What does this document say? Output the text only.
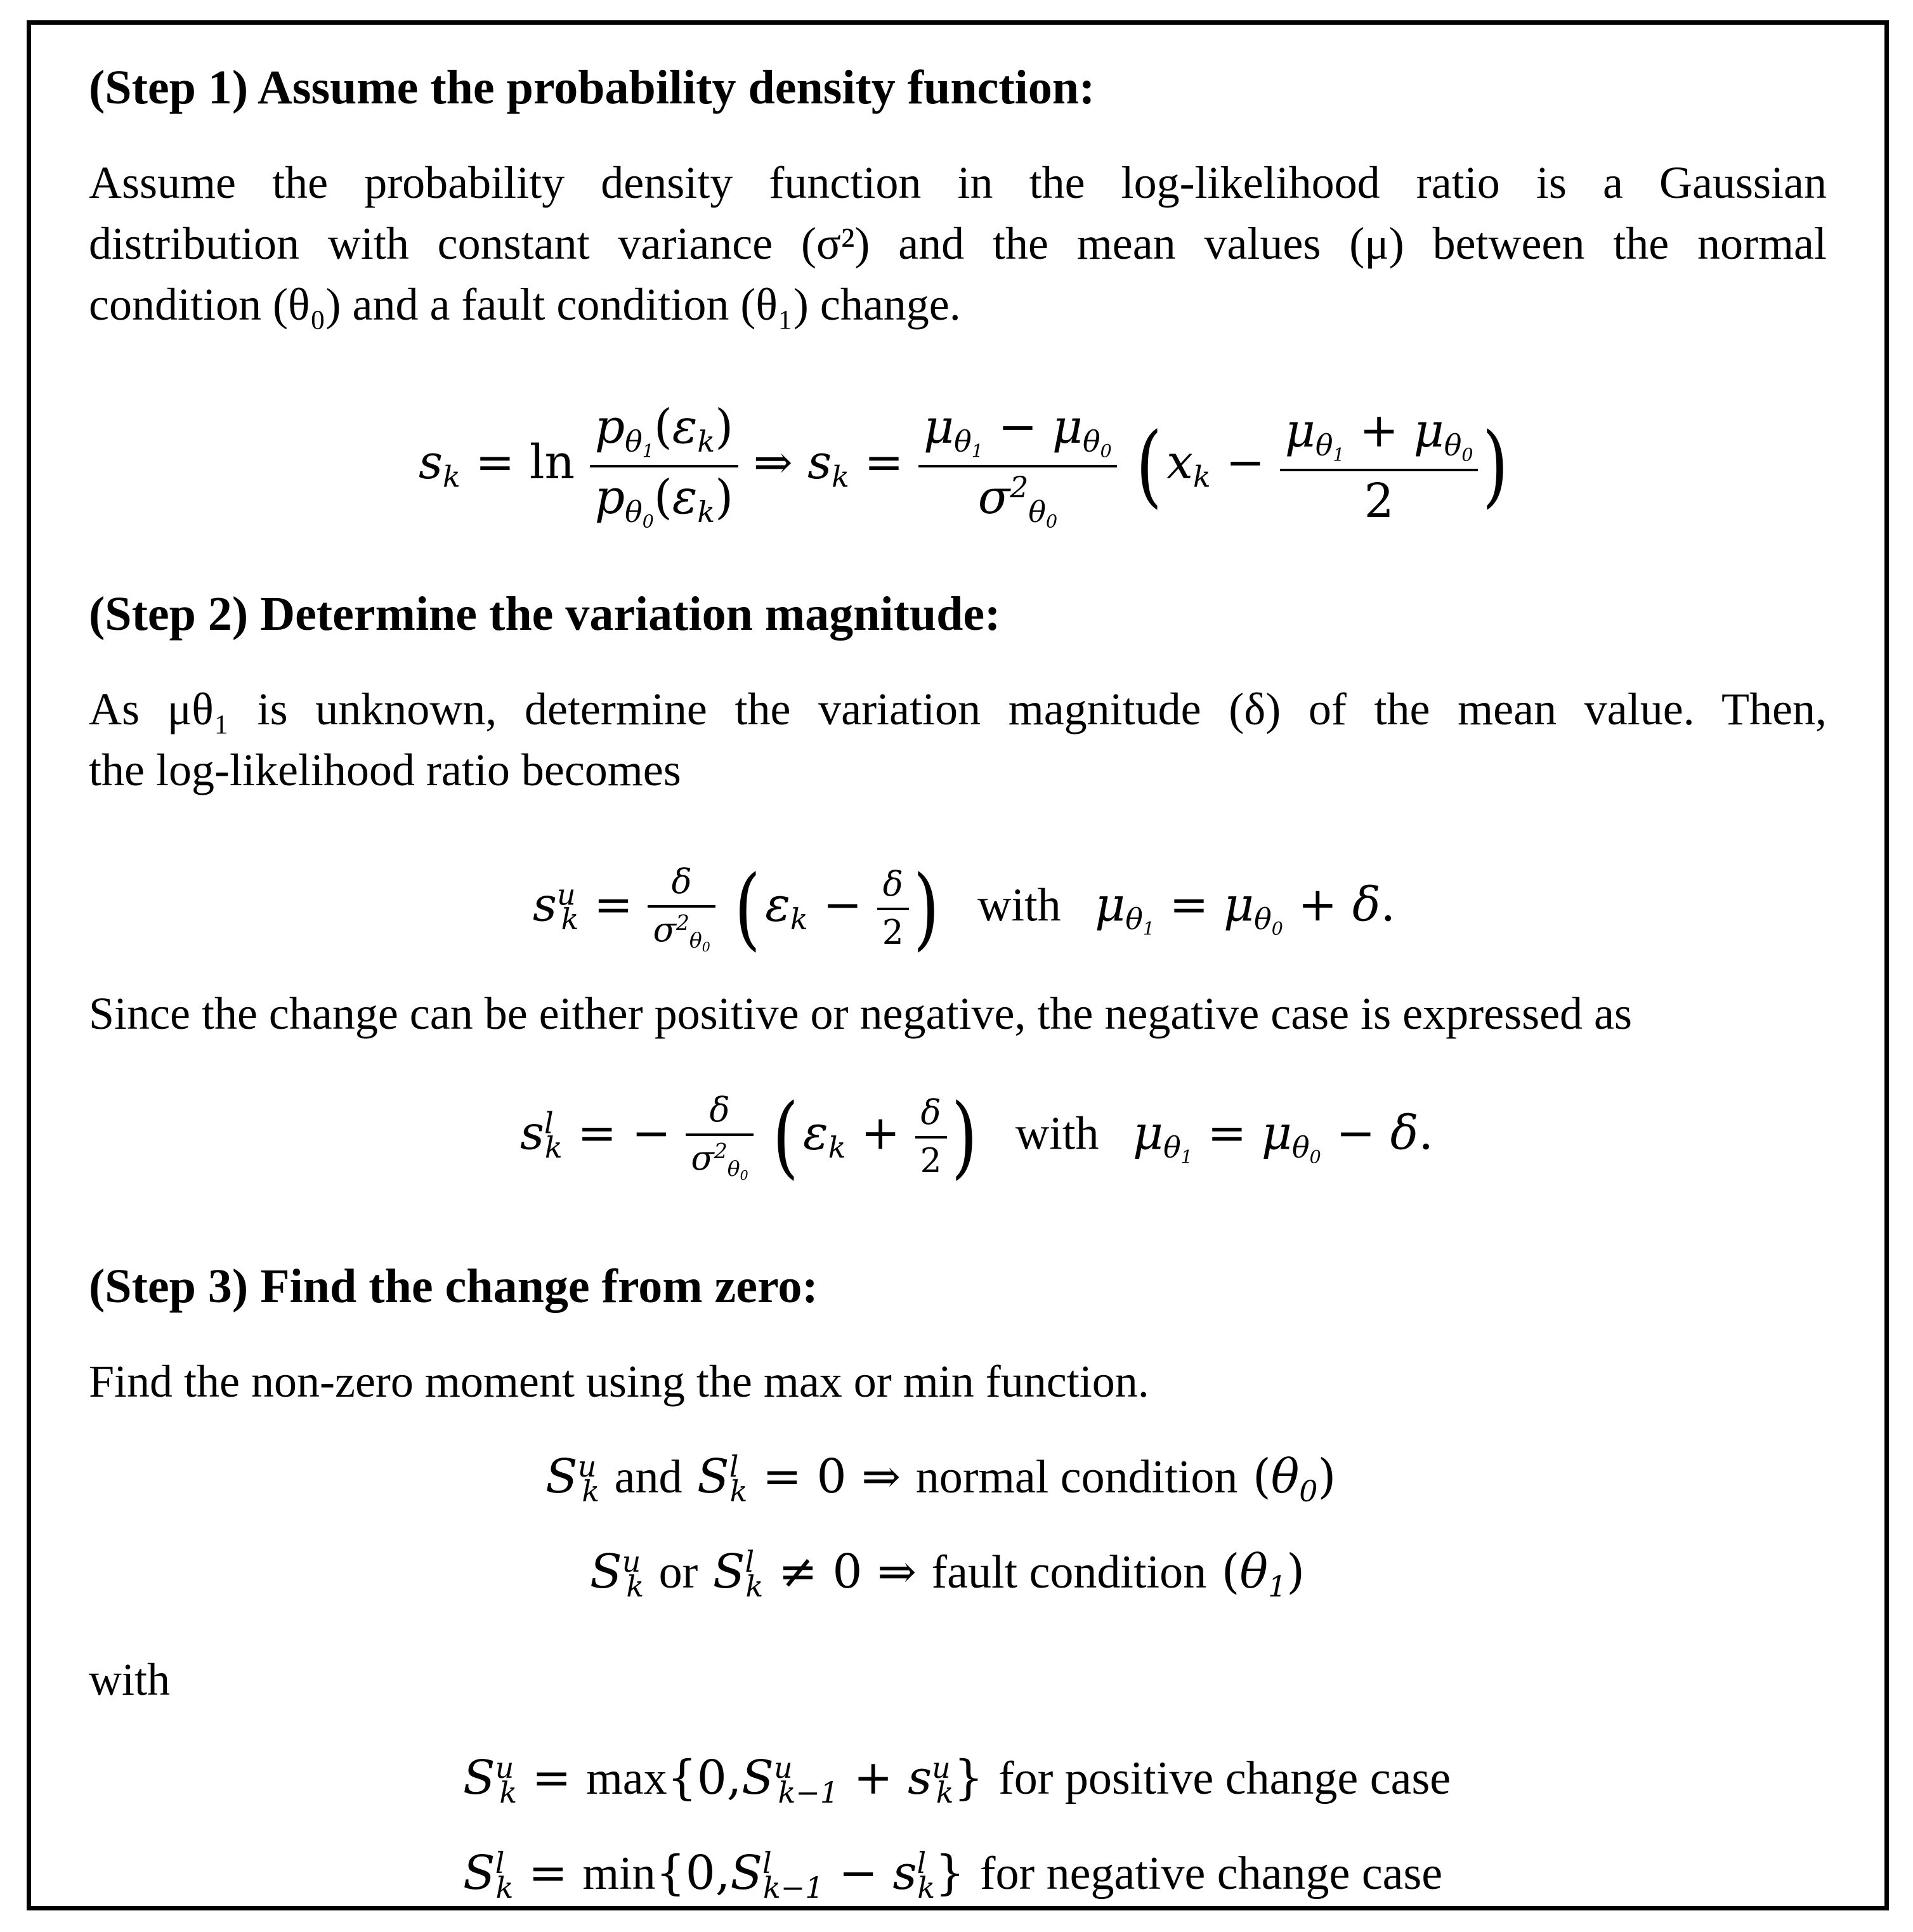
(Step 1) Assume the probability density function:
Assume the probability density function in the log-likelihood ratio is a Gaussian
distribution with constant variance (σ²) and the mean values (μ) between the normal
condition (θ₀) and a fault condition (θ₁) change.
$s_k = \ln \frac{p_{\theta_1}(\varepsilon_k)}{p_{\theta_0}(\varepsilon_k)}$ ⇒ $s_k = \frac{\mu_{\theta_1} - \mu_{\theta_0}}{\sigma^2_{\theta_0}} (x_k - \frac{\mu_{\theta_1} + \mu_{\theta_0}}{2}$ )
(Step 2) Determine the variation magnitude:
As μθ₁ is unknown, determine the variation magnitude (δ) of the mean value. Then,
the log-likelihood ratio becomes
$s^u_k = \frac{\delta}{\sigma^2_{\theta_0}} (\varepsilon_k - \frac{\delta}{2}$ ) with $\mu_{\theta_1} = \mu_{\theta_0} + \delta$.
Since the change can be either positive or negative, the negative case is expressed as
$s^l_k$ = − $\frac{\delta}{\sigma^2_{\theta_0}} (\varepsilon_k + \frac{\delta}{2}$ ) with $\mu_{\theta_1} = \mu_{\theta_0} - \delta$.
(Step 3) Find the change from zero:
Find the non-zero moment using the max or min function.
$S^u_k$ and $S^l_k = 0$ ⇒ normal condition $(\theta_0)$
$S^u_k$ or $S^l_k \ne 0$ ⇒ fault condition $(\theta_1)$
with
$S^u_k = \max\{0,S^u_{k-1} + s^u_k\}$ for positive change case
$S^l_k = \min\{0,S^l_{k-1} - s^l_k\}$ for negative change case
